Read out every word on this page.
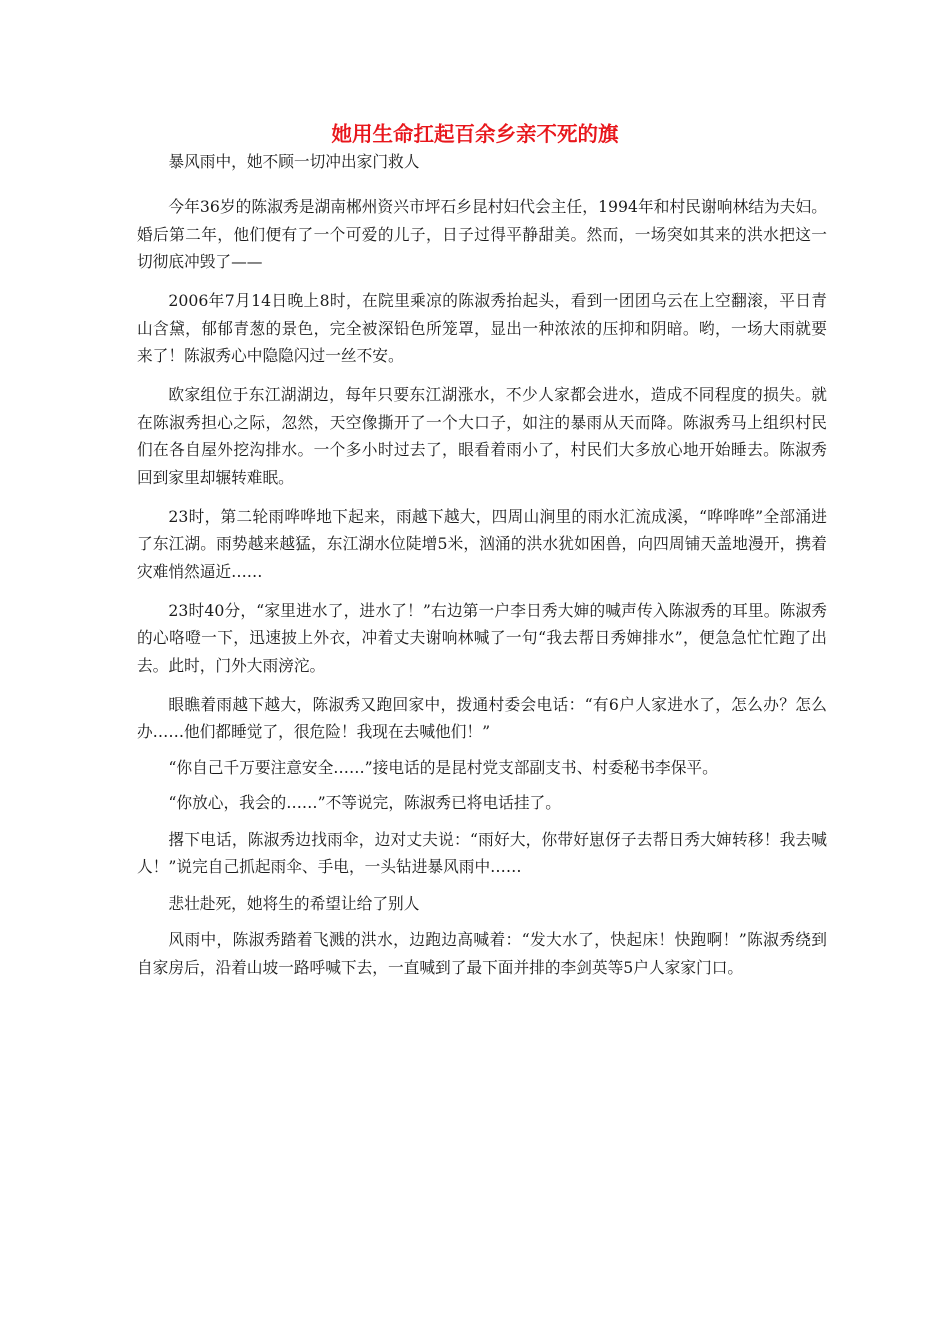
她用生命扛起百余乡亲不死的旗

暴风雨中，她不顾一切冲出家门救人

今年36岁的陈淑秀是湖南郴州资兴市坪石乡昆村妇代会主任，1994年和村民谢响林结为夫妇。婚后第二年，他们便有了一个可爱的儿子，日子过得平静甜美。然而，一场突如其来的洪水把这一切彻底冲毁了——

2006年7月14日晚上8时，在院里乘凉的陈淑秀抬起头，看到一团团乌云在上空翻滚，平日青山含黛，郁郁青葱的景色，完全被深铅色所笼罩，显出一种浓浓的压抑和阴暗。哟，一场大雨就要来了！陈淑秀心中隐隐闪过一丝不安。

欧家组位于东江湖湖边，每年只要东江湖涨水，不少人家都会进水，造成不同程度的损失。就在陈淑秀担心之际，忽然，天空像撕开了一个大口子，如注的暴雨从天而降。陈淑秀马上组织村民们在各自屋外挖沟排水。一个多小时过去了，眼看着雨小了，村民们大多放心地开始睡去。陈淑秀回到家里却辗转难眠。

23时，第二轮雨哗哗地下起来，雨越下越大，四周山涧里的雨水汇流成溪，“哗哗哗”全部涌进了东江湖。雨势越来越猛，东江湖水位陡增5米，汹涌的洪水犹如困兽，向四周铺天盖地漫开，携着灾难悄然逼近……

23时40分，“家里进水了，进水了！”右边第一户李日秀大婶的喊声传入陈淑秀的耳里。陈淑秀的心咯噔一下，迅速披上外衣，冲着丈夫谢响林喊了一句“我去帮日秀婶排水”，便急急忙忙跑了出去。此时，门外大雨滂沱。

眼瞧着雨越下越大，陈淑秀又跑回家中，拨通村委会电话：“有6户人家进水了，怎么办？怎么办……他们都睡觉了，很危险！我现在去喊他们！”

“你自己千万要注意安全……”接电话的是昆村党支部副支书、村委秘书李保平。

“你放心，我会的……”不等说完，陈淑秀已将电话挂了。

撂下电话，陈淑秀边找雨伞，边对丈夫说：“雨好大，你带好崽伢子去帮日秀大婶转移！我去喊人！”说完自己抓起雨伞、手电，一头钻进暴风雨中……

悲壮赴死，她将生的希望让给了别人

风雨中，陈淑秀踏着飞溅的洪水，边跑边高喊着：“发大水了，快起床！快跑啊！”陈淑秀绕到自家房后，沿着山坡一路呼喊下去，一直喊到了最下面并排的李剑英等5户人家家门口。
